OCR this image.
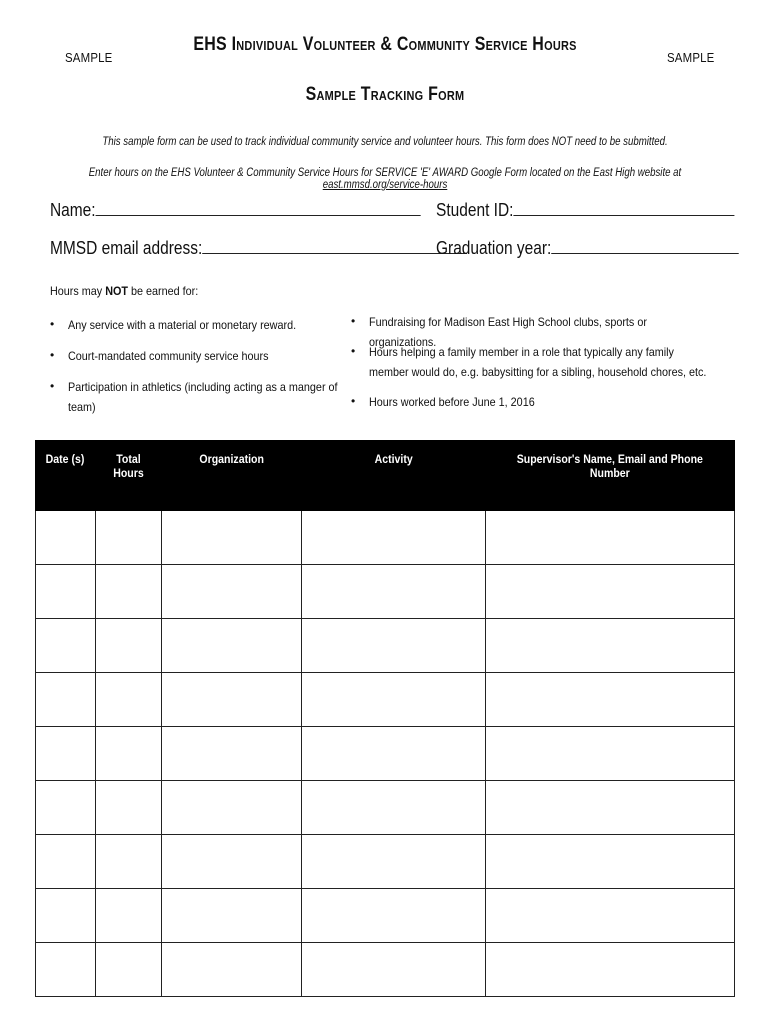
SAMPLE	SAMPLE
EHS Individual Volunteer & Community Service Hours
Sample Tracking Form
This sample form can be used to track individual community service and volunteer hours. This form does NOT need to be submitted.
Enter hours on the EHS Volunteer & Community Service Hours for SERVICE 'E' AWARD Google Form located on the East High website at east.mmsd.org/service-hours
Name:	Student ID:
MMSD email address:	Graduation year:
Hours may NOT be earned for:
• Any service with a material or monetary reward.
• Court-mandated community service hours
• Participation in athletics (including acting as a manger of team)
• Fundraising for Madison East High School clubs, sports or organizations.
• Hours helping a family member in a role that typically any family member would do, e.g. babysitting for a sibling, household chores, etc.
• Hours worked before June 1, 2016
Date (s)	Total Hours	Organization	Activity	Supervisor's Name, Email and Phone Number
